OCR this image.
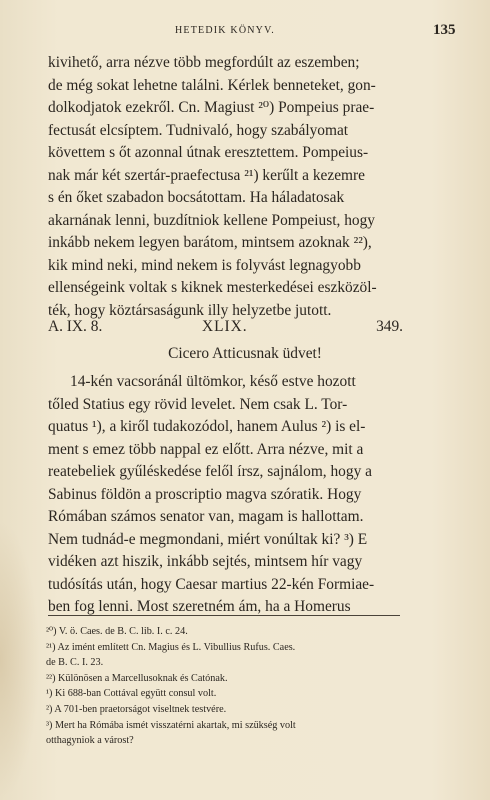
HETEDIK KÖNYV.	135
kivihető, arra nézve több megfordúlt az eszemben;
de még sokat lehetne találni. Kérlek benneteket, gon-
dolkodjatok ezekről. Cn. Magiust ²⁰) Pompeius prae-
fectusát elcsíptem. Tudnivaló, hogy szabályomat
követtem s őt azonnal útnak eresztettem. Pompeius-
nak már két szertár-praefectusa ²¹) kerűlt a kezemre
s én őket szabadon bocsátottam. Ha háladatosak
akarnának lenni, buzdítniok kellene Pompeiust, hogy
inkább nekem legyen barátom, mintsem azoknak ²²),
kik mind neki, mind nekem is folyvást legnagyobb
ellenségeink voltak s kiknek mesterkedései eszközöl-
ték, hogy köztársaságunk illy helyzetbe jutott.
A. IX. 8.	XLIX.	349.
Cicero Atticusnak üdvet!
14-kén vacsoránál ültömkor, késő estve hozott
tőled Statius egy rövid levelet. Nem csak L. Tor-
quatus ¹), a kiről tudakozódol, hanem Aulus ²) is el-
ment s emez több nappal ez előtt. Arra nézve, mit a
reatebeliek gyűléskedése felől írsz, sajnálom, hogy a
Sabinus földön a proscriptio magva szóratik. Hogy
Rómában számos senator van, magam is hallottam.
Nem tudnád-e megmondani, miért vonúltak ki? ³) E
vidéken azt hiszik, inkább sejtés, mintsem hír vagy
tudósítás után, hogy Caesar martius 22-kén Formiae-
ben fog lenni. Most szeretném ám, ha a Homerus
²⁰) V. ö. Caes. de B. C. lib. I. c. 24.
²¹) Az imént említett Cn. Magius és L. Vibullius Rufus. Caes.
de B. C. I. 23.
²²) Különösen a Marcellusoknak és Catónak.
¹) Ki 688-ban Cottával együtt consul volt.
²) A 701-ben praetorságot viseltnek testvére.
³) Mert ha Rómába ismét visszatérni akartak, mi szükség volt
otthagyniok a várost?
